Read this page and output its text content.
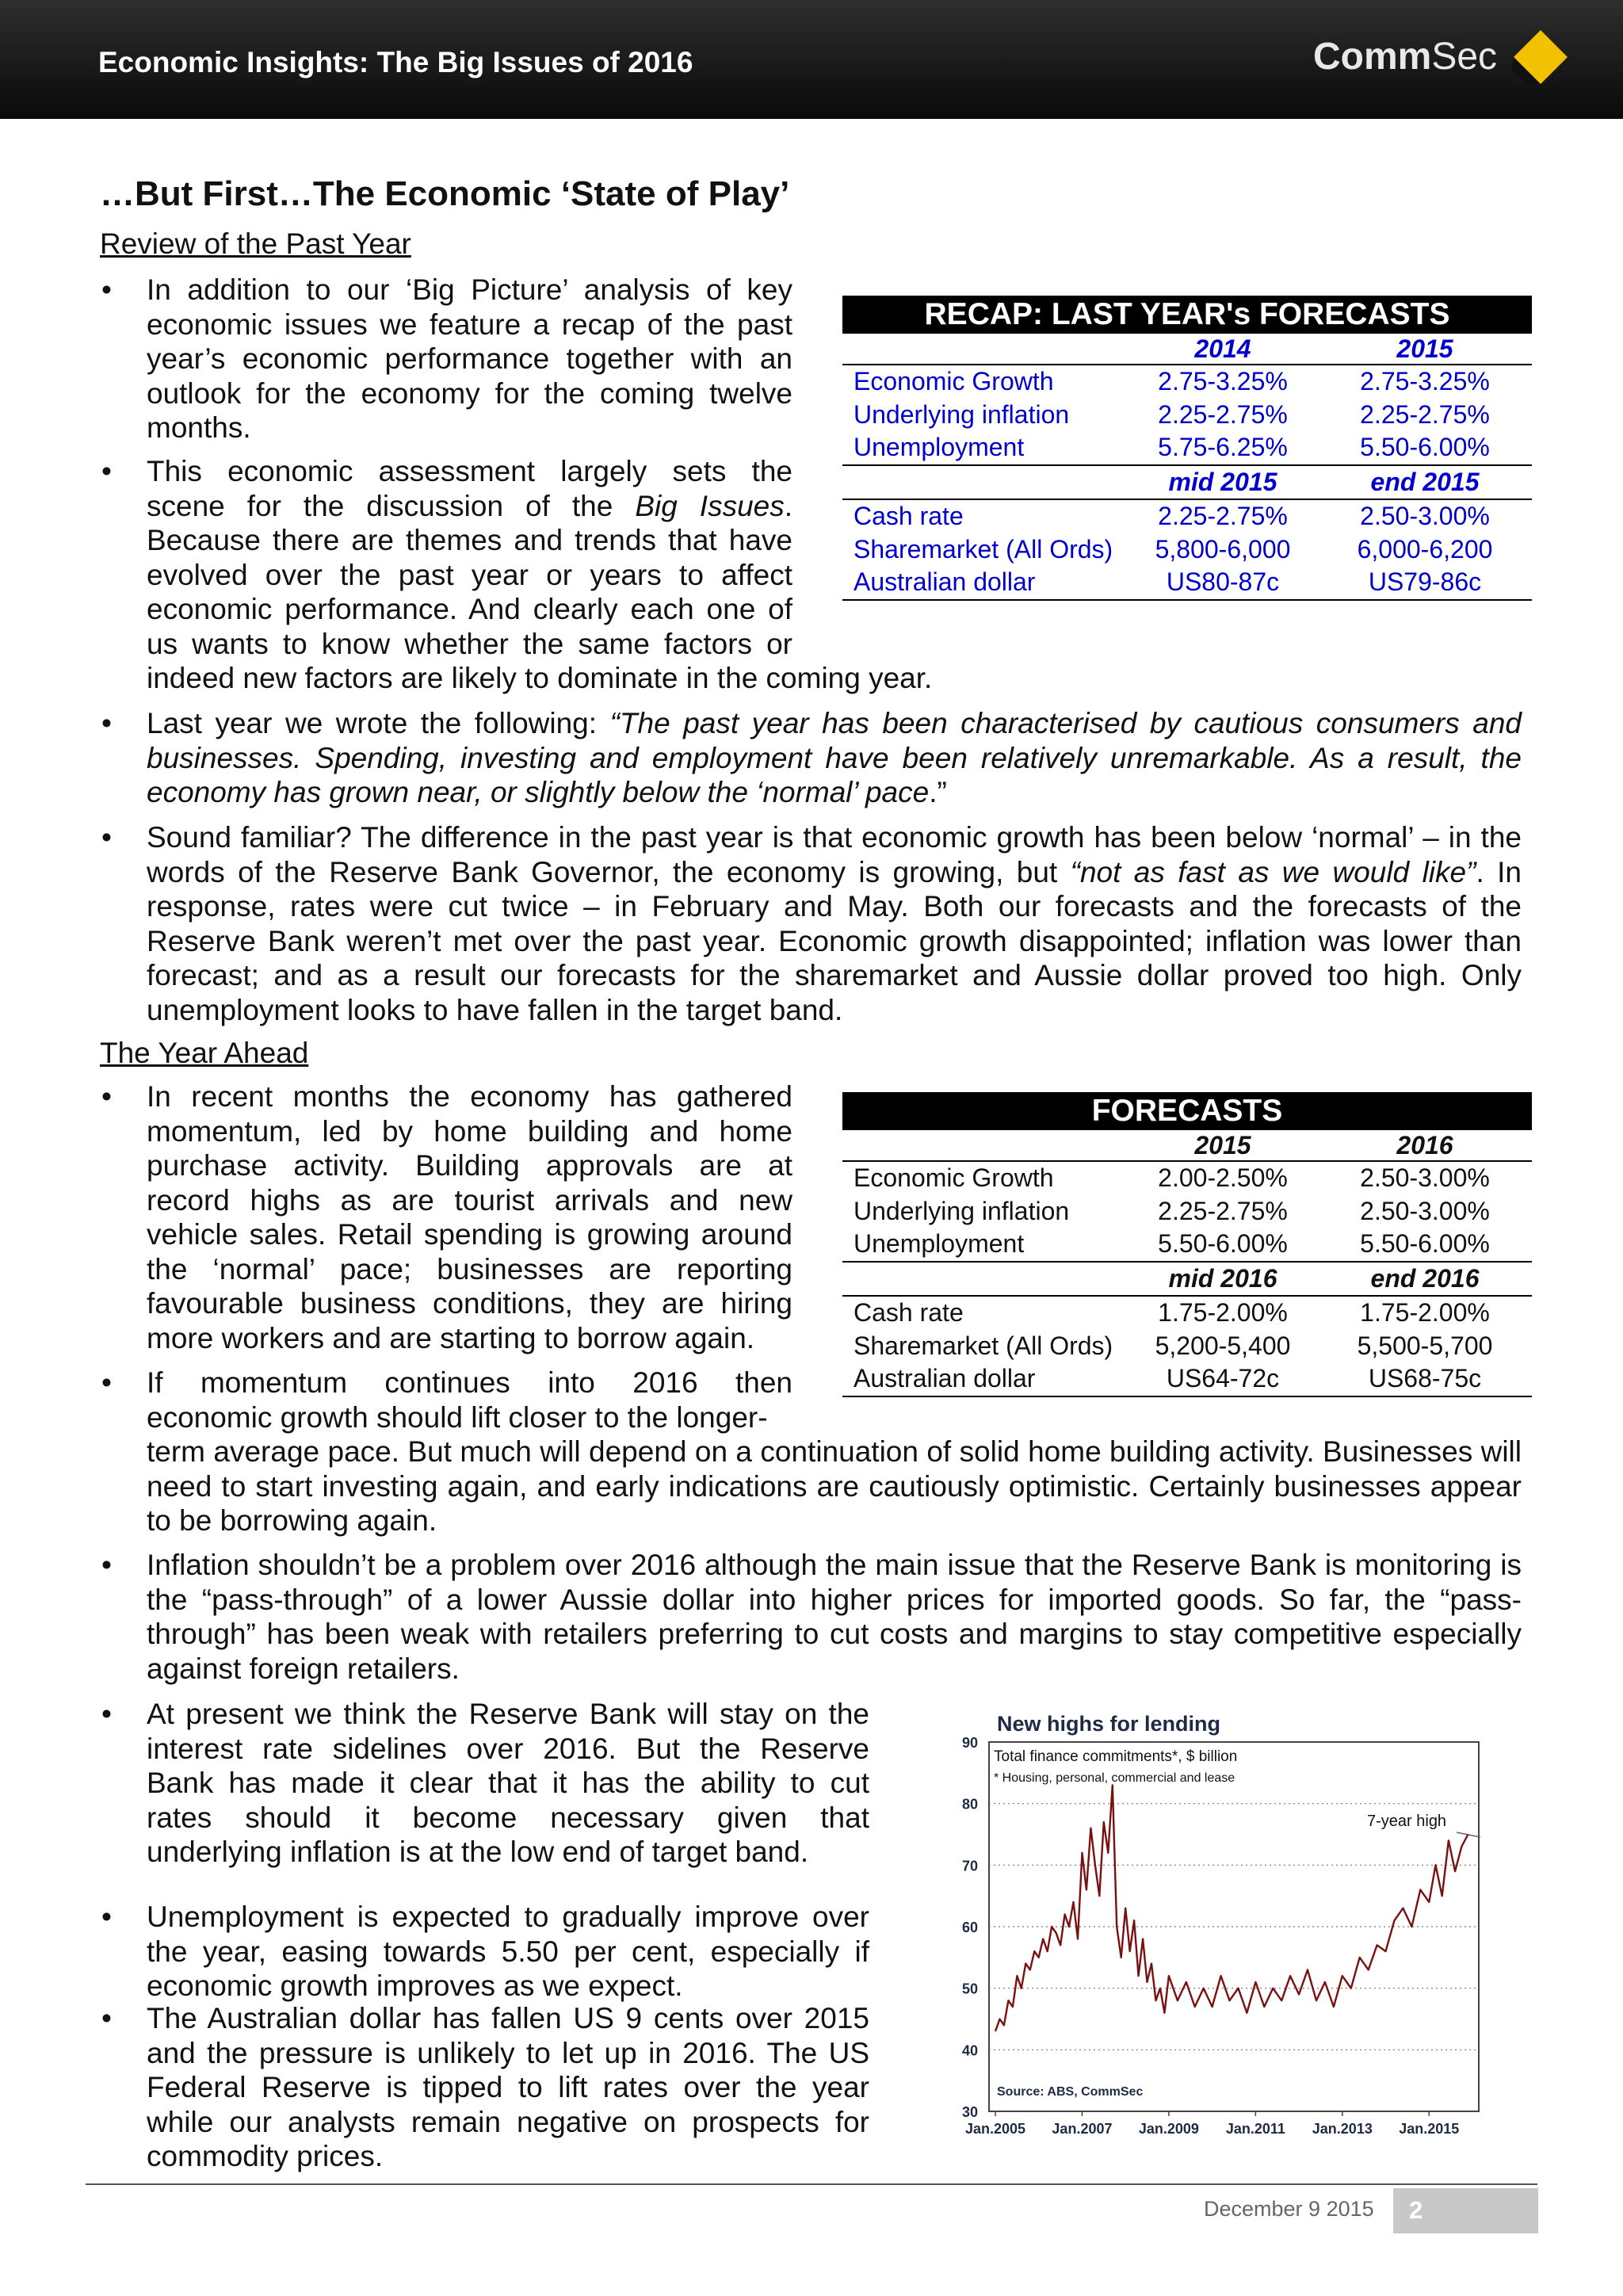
Economic Insights: The Big Issues of 2016	CommSec
…But First…The Economic ‘State of Play’
Review of the Past Year
• In addition to our ‘Big Picture’ analysis of key
economic issues we feature a recap of the past
year’s economic performance together with an
outlook for the economy for the coming twelve
months.
• This economic assessment largely sets the
scene for the discussion of the Big Issues.
Because there are themes and trends that have
evolved over the past year or years to affect
economic performance. And clearly each one of
us wants to know whether the same factors or
indeed new factors are likely to dominate in the coming year.
• Last year we wrote the following: “The past year has been characterised by cautious consumers and businesses. Spending, investing and employment have been relatively unremarkable. As a result, the economy has grown near, or slightly below the ‘normal’ pace.”
• Sound familiar? The difference in the past year is that economic growth has been below ‘normal’ – in the words of the Reserve Bank Governor, the economy is growing, but “not as fast as we would like”. In response, rates were cut twice – in February and May. Both our forecasts and the forecasts of the Reserve Bank weren’t met over the past year. Economic growth disappointed; inflation was lower than forecast; and as a result our forecasts for the sharemarket and Aussie dollar proved too high. Only unemployment looks to have fallen in the target band.
RECAP: LAST YEAR's FORECASTS
2014	2015
Economic Growth	2.75-3.25%	2.75-3.25%
Underlying inflation	2.25-2.75%	2.25-2.75%
Unemployment	5.75-6.25%	5.50-6.00%
mid 2015	end 2015
Cash rate	2.25-2.75%	2.50-3.00%
Sharemarket (All Ords)	5,800-6,000	6,000-6,200
Australian dollar	US80-87c	US79-86c
The Year Ahead
• In recent months the economy has gathered
momentum, led by home building and home
purchase activity. Building approvals are at
record highs as are tourist arrivals and new
vehicle sales. Retail spending is growing around
the ‘normal’ pace; businesses are reporting
favourable business conditions, they are hiring
more workers and are starting to borrow again.
• If momentum continues into 2016 then
economic growth should lift closer to the longer-
term average pace. But much will depend on a continuation of solid home building activity. Businesses will need to start investing again, and early indications are cautiously optimistic. Certainly businesses appear to be borrowing again.
• Inflation shouldn’t be a problem over 2016 although the main issue that the Reserve Bank is monitoring is the “pass-through” of a lower Aussie dollar into higher prices for imported goods. So far, the “pass-through” has been weak with retailers preferring to cut costs and margins to stay competitive especially against foreign retailers.
• At present we think the Reserve Bank will stay on the
interest rate sidelines over 2016. But the Reserve
Bank has made it clear that it has the ability to cut
rates should it become necessary given that
underlying inflation is at the low end of target band.
• Unemployment is expected to gradually improve over
the year, easing towards 5.50 per cent, especially if
economic growth improves as we expect.
• The Australian dollar has fallen US 9 cents over 2015
and the pressure is unlikely to let up in 2016. The US
Federal Reserve is tipped to lift rates over the year
while our analysts remain negative on prospects for
commodity prices.
FORECASTS
2015	2016
Economic Growth	2.00-2.50%	2.50-3.00%
Underlying inflation	2.25-2.75%	2.50-3.00%
Unemployment	5.50-6.00%	5.50-6.00%
mid 2016	end 2016
Cash rate	1.75-2.00%	1.75-2.00%
Sharemarket (All Ords)	5,200-5,400	5,500-5,700
Australian dollar	US64-72c	US68-75c
New highs for lending
30
40
50
60
70
80
90
Jan.2005 Jan.2007 Jan.2009 Jan.2011 Jan.2013 Jan.2015
Total finance commitments*, $ billion
* Housing, personal, commercial and lease
Source: ABS, CommSec
7-year high
December 9 2015 2
